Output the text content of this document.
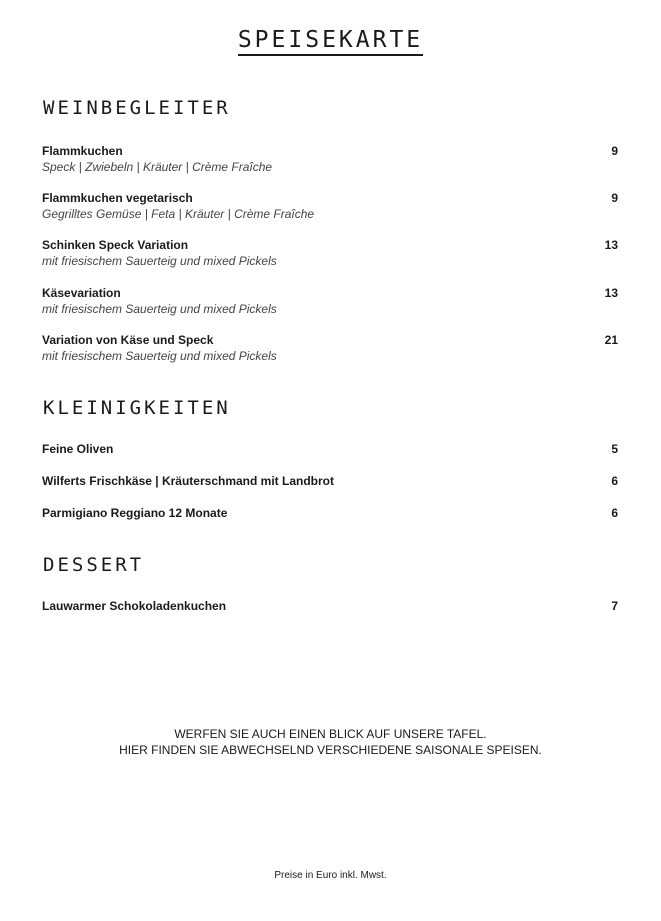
SPEISEKARTE
WEINBEGLEITER
Flammkuchen	9
Speck | Zwiebeln | Kräuter | Crème Fraîche
Flammkuchen vegetarisch	9
Gegrilltes Gemüse | Feta | Kräuter | Crème Fraîche
Schinken Speck Variation	13
mit friesischem Sauerteig und mixed Pickels
Käsevariation	13
mit friesischem Sauerteig und mixed Pickels
Variation von Käse und Speck	21
mit friesischem Sauerteig und mixed Pickels
KLEINIGKEITEN
Feine Oliven	5
Wilferts Frischkäse | Kräuterschmand mit Landbrot	6
Parmigiano Reggiano 12 Monate	6
DESSERT
Lauwarmer Schokoladenkuchen	7
WERFEN SIE AUCH EINEN BLICK AUF UNSERE TAFEL.
HIER FINDEN SIE ABWECHSELND VERSCHIEDENE SAISONALE SPEISEN.
Preise in Euro inkl. Mwst.
